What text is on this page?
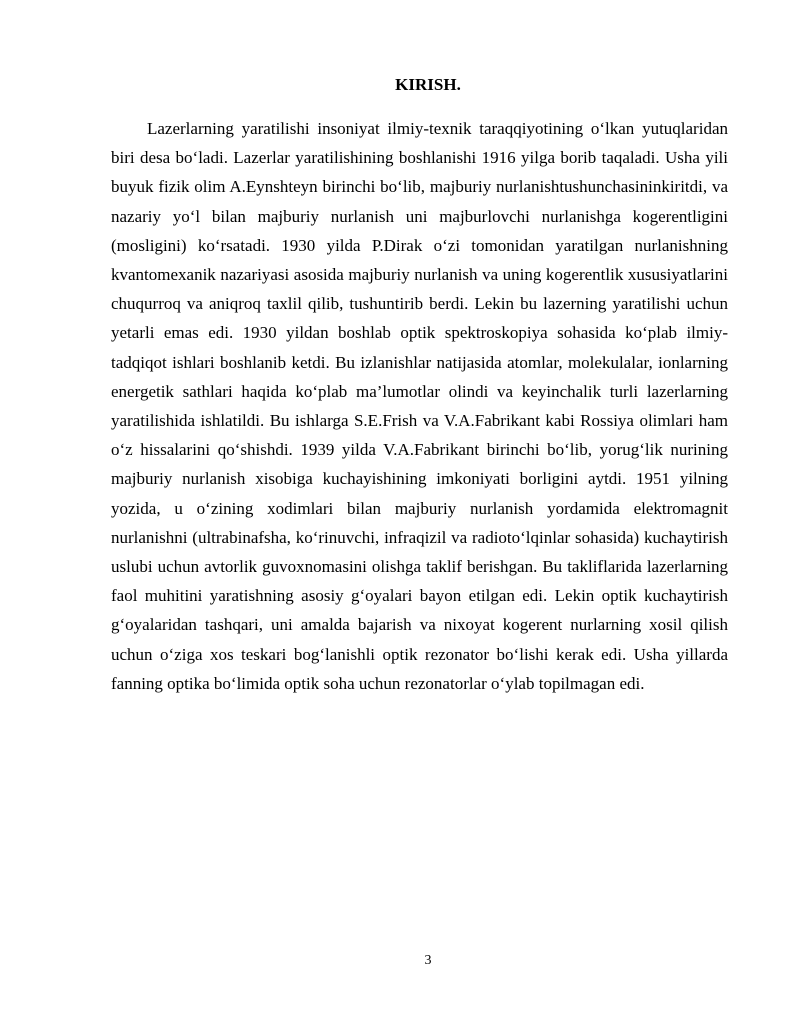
KIRISH.

Lazerlarning yaratilishi insoniyat ilmiy-texnik taraqqiyotining o‘lkan yutuqlaridan biri desa bo‘ladi. Lazerlar yaratilishining boshlanishi 1916 yilga borib taqaladi. Usha yili buyuk fizik olim A.Eynshteyn birinchi bo‘lib, majburiy nurlanishtushunchasininkiritdi, va nazariy yo‘l bilan majburiy nurlanish uni majburlovchi nurlanishga kogerentligini (mosligini) ko‘rsatadi. 1930 yilda P.Dirak o‘zi tomonidan yaratilgan nurlanishning kvantomexanik nazariyasi asosida majburiy nurlanish va uning kogerentlik xususiyatlarini chuqurroq va aniqroq taxlil qilib, tushuntirib berdi. Lekin bu lazerning yaratilishi uchun yetarli emas edi. 1930 yildan boshlab optik spektroskopiya sohasida ko‘plab ilmiy-tadqiqot ishlari boshlanib ketdi. Bu izlanishlar natijasida atomlar, molekulalar, ionlarning energetik sathlari haqida ko‘plab ma’lumotlar olindi va keyinchalik turli lazerlarning yaratilishida ishlatildi. Bu ishlarga S.E.Frish va V.A.Fabrikant kabi Rossiya olimlari ham o‘z hissalarini qo‘shishdi. 1939 yilda V.A.Fabrikant birinchi bo‘lib, yorug‘lik nurining majburiy nurlanish xisobiga kuchayishining imkoniyati borligini aytdi. 1951 yilning yozida, u o‘zining xodimlari bilan majburiy nurlanish yordamida elektromagnit nurlanishni (ultrabinafsha, ko‘rinuvchi, infraqizil va radioto‘lqinlar sohasida) kuchaytirish uslubi uchun avtorlik guvoxnomasini olishga taklif berishgan. Bu takliflarida lazerlarning faol muhitini yaratishning asosiy g‘oyalari bayon etilgan edi. Lekin optik kuchaytirish g‘oyalaridan tashqari, uni amalda bajarish va nixoyat kogerent nurlarning xosil qilish uchun o‘ziga xos teskari bog‘lanishli optik rezonator bo‘lishi kerak edi. Usha yillarda fanning optika bo‘limida optik soha uchun rezonatorlar o‘ylab topilmagan edi.

3
